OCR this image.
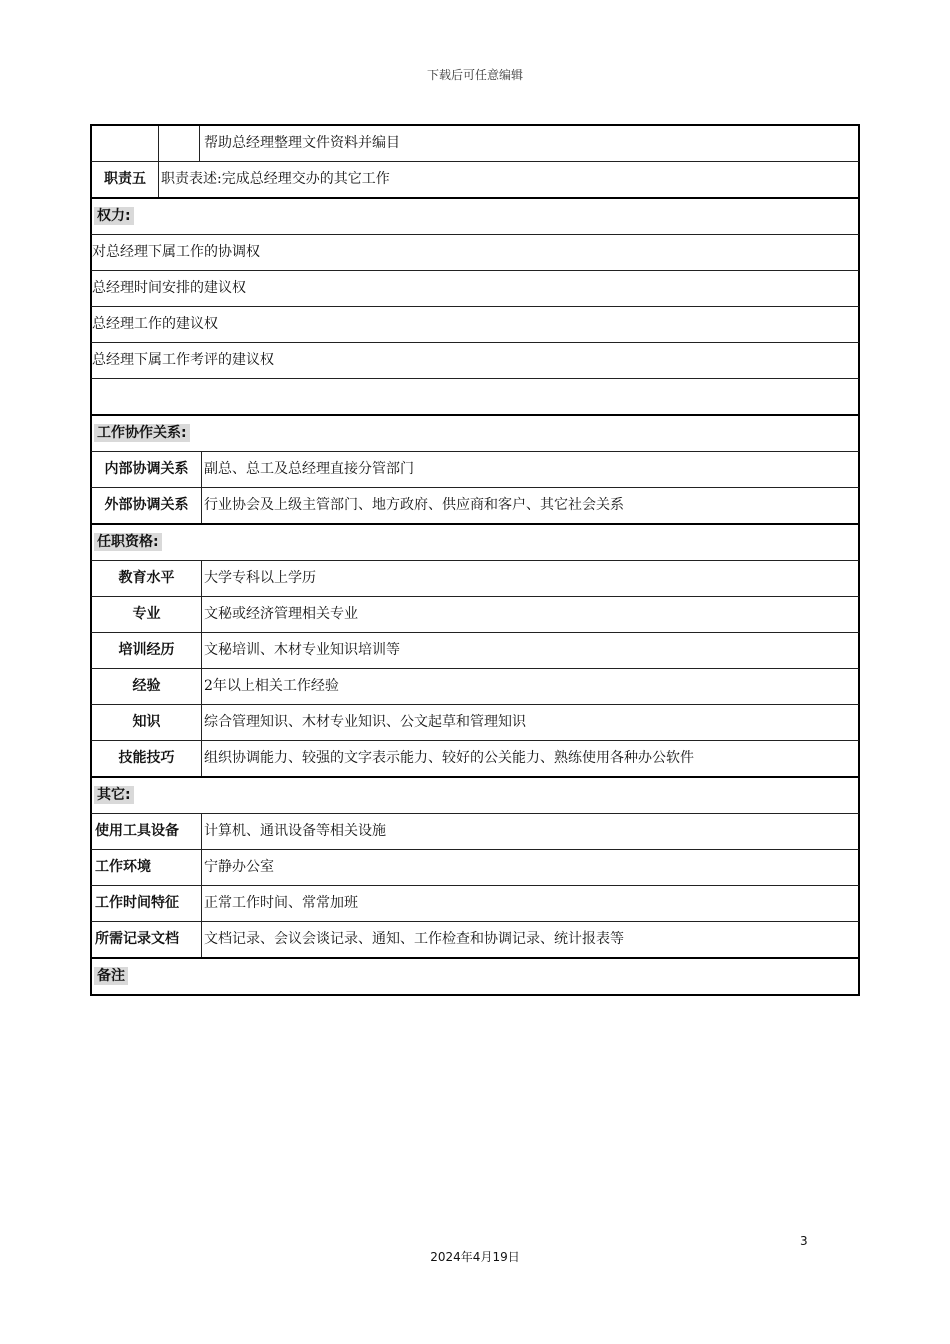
下载后可任意编辑
帮助总经理整理文件资料并编目
职责五	职责表述:完成总经理交办的其它工作
权力:
对总经理下属工作的协调权
总经理时间安排的建议权
总经理工作的建议权
总经理下属工作考评的建议权
工作协作关系:
内部协调关系	副总、总工及总经理直接分管部门
外部协调关系	行业协会及上级主管部门、地方政府、供应商和客户、其它社会关系
任职资格:
教育水平	大学专科以上学历
专业	文秘或经济管理相关专业
培训经历	文秘培训、木材专业知识培训等
经验	2年以上相关工作经验
知识	综合管理知识、木材专业知识、公文起草和管理知识
技能技巧	组织协调能力、较强的文字表示能力、较好的公关能力、熟练使用各种办公软件
其它:
使用工具设备	计算机、通讯设备等相关设施
工作环境	宁静办公室
工作时间特征	正常工作时间、常常加班
所需记录文档	文档记录、会议会谈记录、通知、工作检查和协调记录、统计报表等
备注
3
2024年4月19日
